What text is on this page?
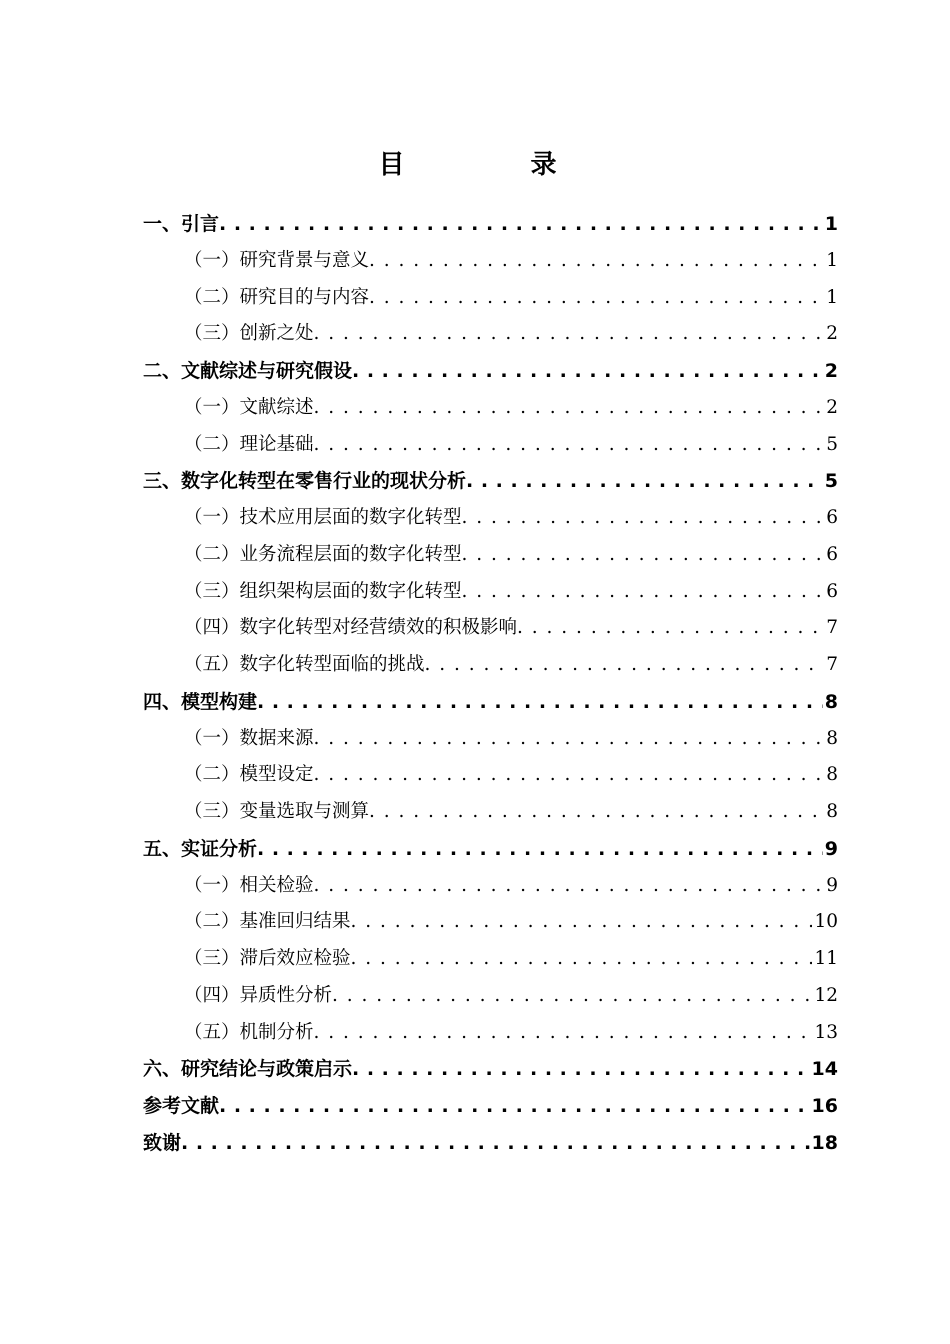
目　录
一、引言 . . .	1
（一）研究背景与意义 . . .	1
（二）研究目的与内容 . . .	1
（三）创新之处 . . .	2
二、文献综述与研究假设 . . .	2
（一）文献综述 . . .	2
（二）理论基础 . . .	5
三、数字化转型在零售行业的现状分析 . . .	5
（一）技术应用层面的数字化转型 . . .	6
（二）业务流程层面的数字化转型 . . .	6
（三）组织架构层面的数字化转型 . . .	6
（四）数字化转型对经营绩效的积极影响 . . .	7
（五）数字化转型面临的挑战 . . .	7
四、模型构建 . . .	8
（一）数据来源 . . .	8
（二）模型设定 . . .	8
（三）变量选取与测算 . . .	8
五、实证分析 . . .	9
（一）相关检验 . . .	9
（二）基准回归结果 . . .	10
（三）滞后效应检验 . . .	11
（四）异质性分析 . . .	12
（五）机制分析 . . .	13
六、研究结论与政策启示 . . .	14
参考文献 . . .	16
致谢 . . .	18
